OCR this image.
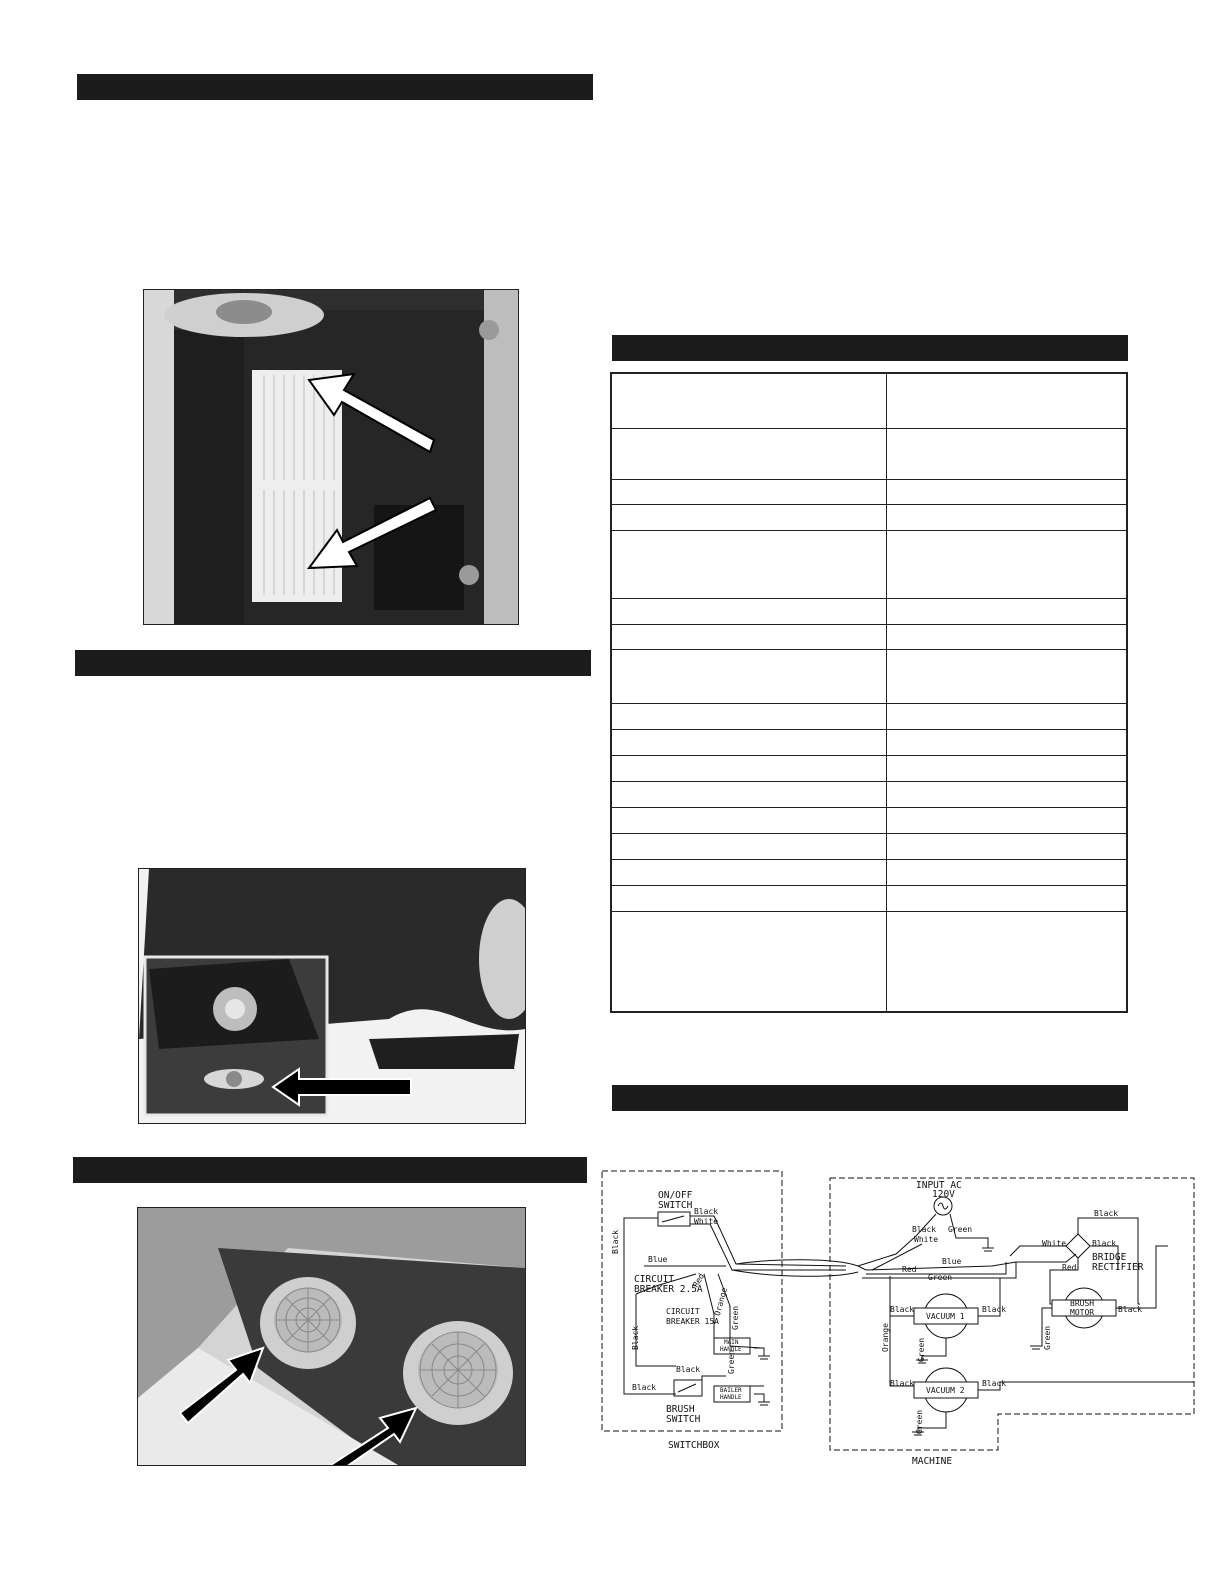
SWITCHBOX
MACHINE
ON/OFF
SWITCH
INPUT AC
120V
CIRCUIT
BREAKER 2.5A
CIRCUIT
BREAKER 15A
MAIN
HANDLE
BAILER
HANDLE
BRUSH
SWITCH
BRIDGE
RECTIFIER
BRUSH
MOTOR
VACUUM 1
VACUUM 2
Black
White
Black
Blue
Red
Orange
Green
Black
Black	Green
Black
Black
White
Green
Blue
Red
Green
White
Black
Black
Red
Black
Green
Black	Black
Orange	Green
Black	Black
Green
